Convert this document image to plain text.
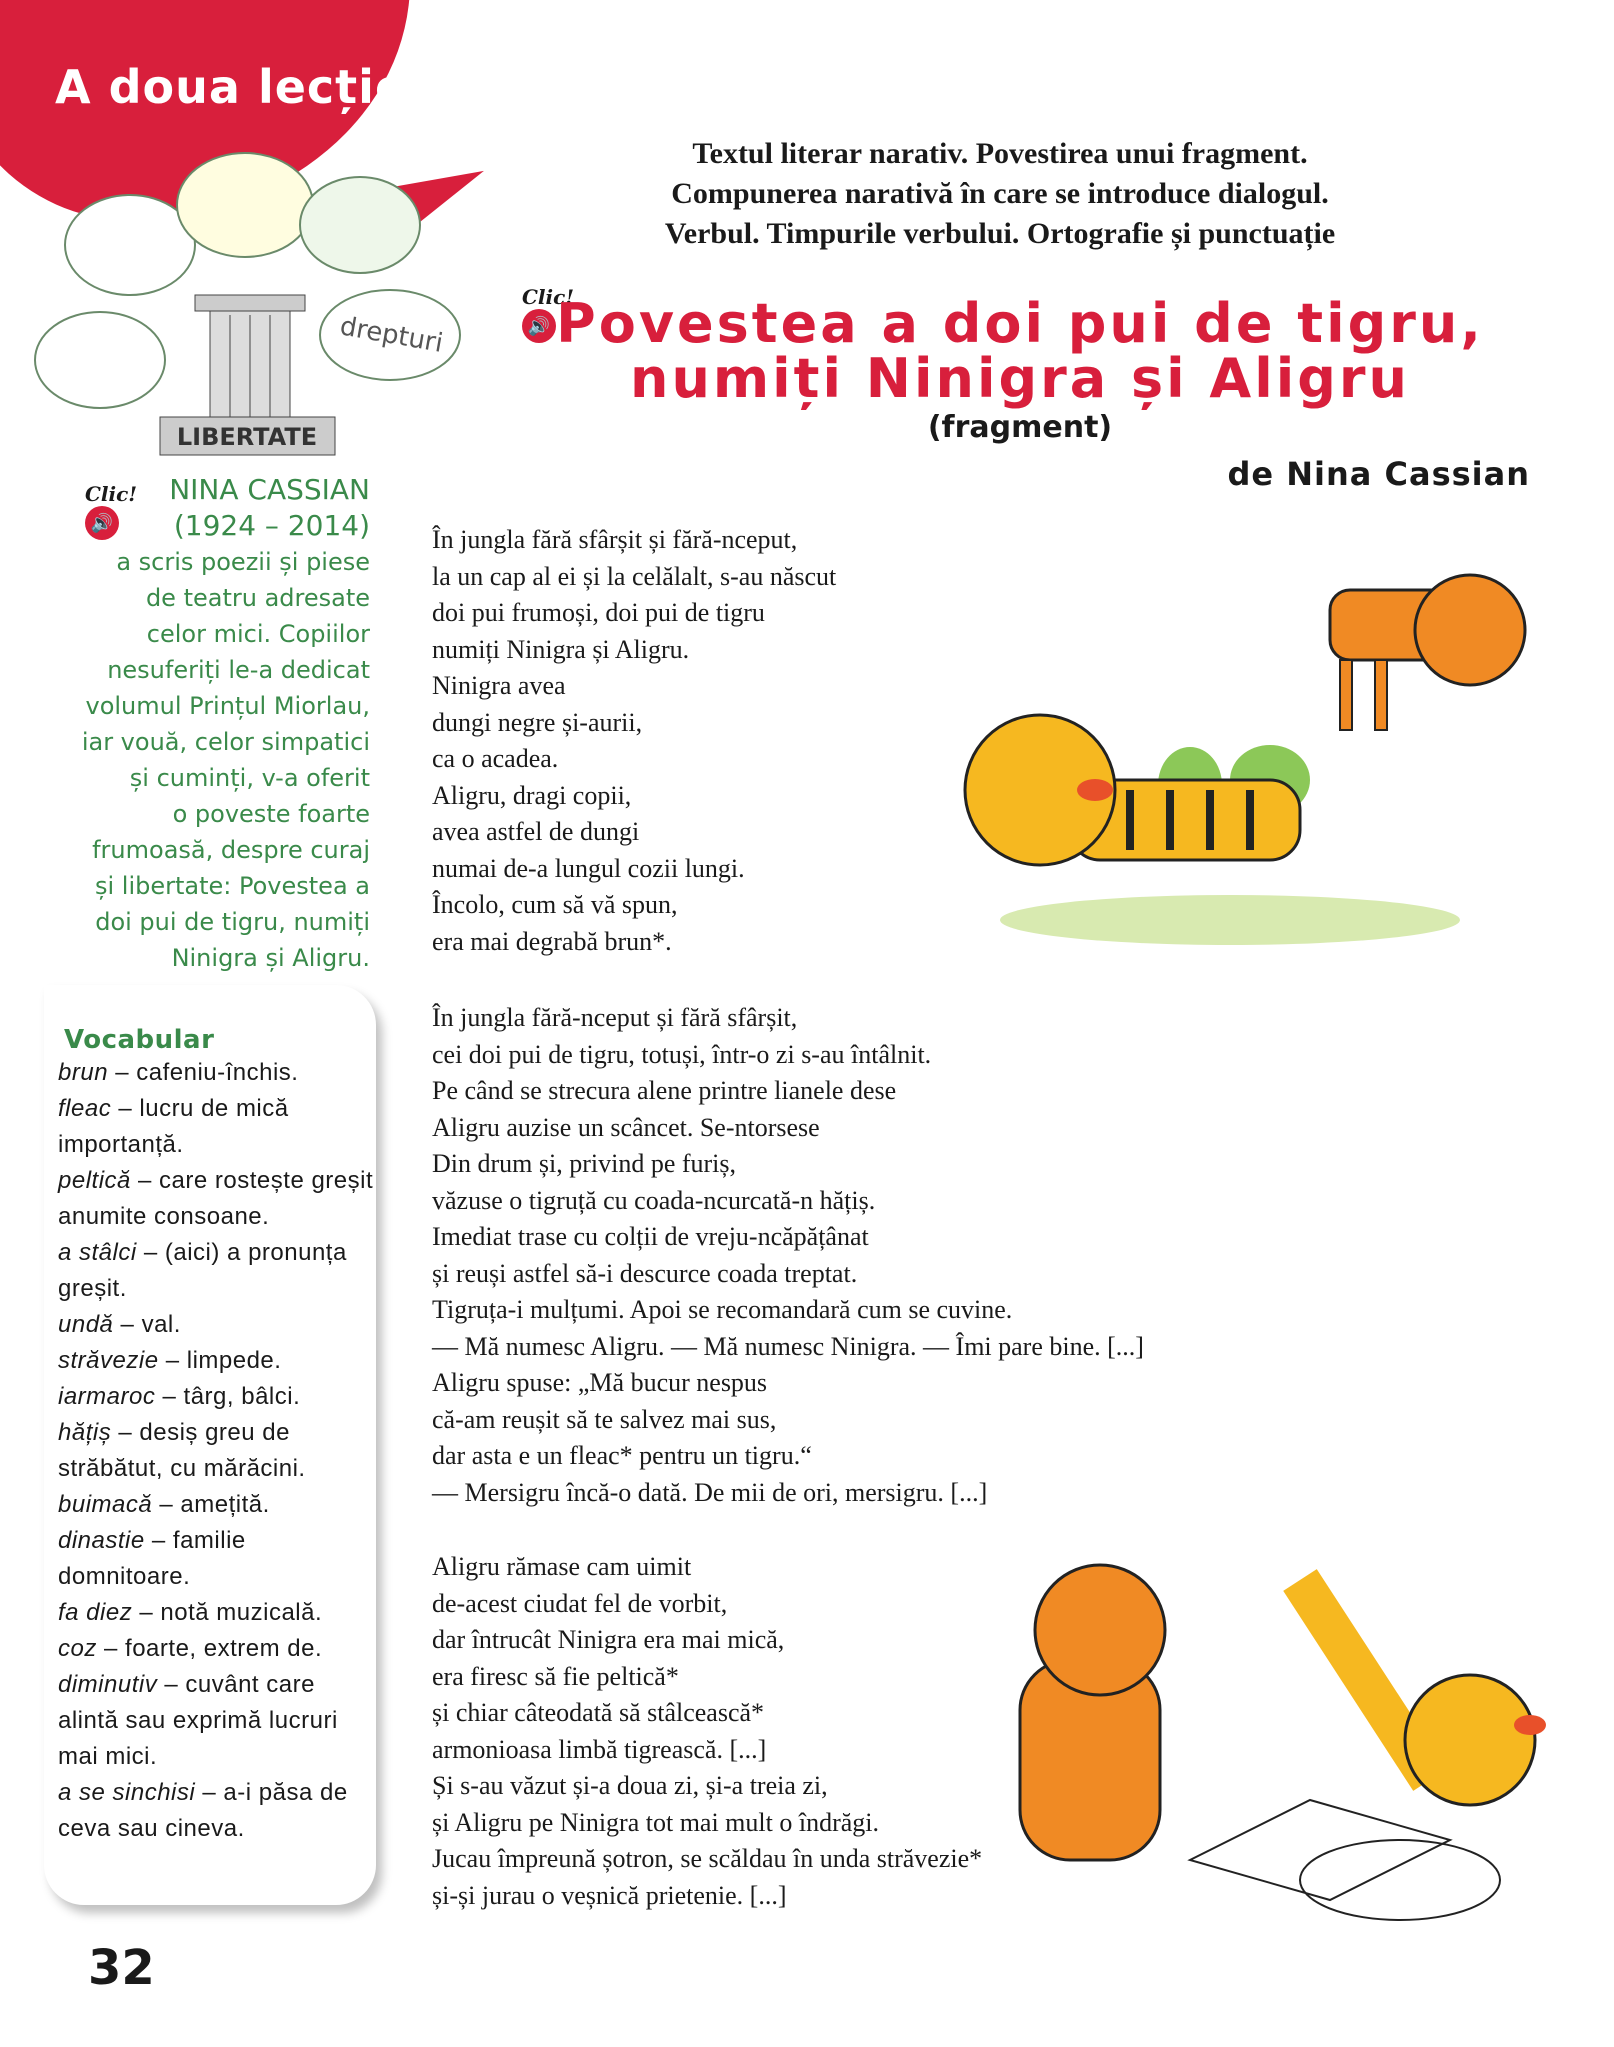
A doua lecție
LIBERTATE
drepturi
Textul literar narativ. Povestirea unui fragment.
Compunerea narativă în care se introduce dialogul.
Verbul. Timpurile verbului. Ortografie și punctuație
Clic!
🔊 Povestea a doi pui de tigru,
numiți Ninigra și Aligru
(fragment)
de Nina Cassian
Clic!
🔊
NINA CASSIAN
(1924 – 2014)
a scris poezii și piese
de teatru adresate
celor mici. Copiilor
nesuferiți le-a dedicat
volumul Prințul Miorlau,
iar vouă, celor simpatici
și cuminți, v-a oferit
o poveste foarte
frumoasă, despre curaj
și libertate: Povestea a
doi pui de tigru, numiți
Ninigra și Aligru.
Vocabular
brun – cafeniu-închis.
fleac – lucru de mică importanță.
peltică – care rostește greșit anumite consoane.
a stâlci – (aici) a pronunța greșit.
undă – val.
străvezie – limpede.
iarmaroc – târg, bâlci.
hățiș – desiș greu de străbătut, cu mărăcini.
buimacă – amețită.
dinastie – familie domnitoare.
fa diez – notă muzicală.
coz – foarte, extrem de.
diminutiv – cuvânt care alintă sau exprimă lucruri mai mici.
a se sinchisi – a-i păsa de ceva sau cineva.
În jungla fără sfârșit și fără-nceput,
la un cap al ei și la celălalt, s-au născut
doi pui frumoși, doi pui de tigru
numiți Ninigra și Aligru.
Ninigra avea
dungi negre și-aurii,
ca o acadea.
Aligru, dragi copii,
avea astfel de dungi
numai de-a lungul cozii lungi.
Încolo, cum să vă spun,
era mai degrabă brun*.
În jungla fără-nceput și fără sfârșit,
cei doi pui de tigru, totuși, într-o zi s-au întâlnit.
Pe când se strecura alene printre lianele dese
Aligru auzise un scâncet. Se-ntorsese
Din drum și, privind pe furiș,
văzuse o tigruță cu coada-ncurcată-n hățiș.
Imediat trase cu colții de vreju-ncăpățânat
și reuși astfel să-i descurce coada treptat.
Tigruța-i mulțumi. Apoi se recomandară cum se cuvine.
— Mă numesc Aligru. — Mă numesc Ninigra. — Îmi pare bine. [...]
Aligru spuse: „Mă bucur nespus
că-am reușit să te salvez mai sus,
dar asta e un fleac* pentru un tigru.“
— Mersigru încă-o dată. De mii de ori, mersigru. [...]
Aligru rămase cam uimit
de-acest ciudat fel de vorbit,
dar întrucât Ninigra era mai mică,
era firesc să fie peltică*
și chiar câteodată să stâlcească*
armonioasa limbă tigrească. [...]
Și s-au văzut și-a doua zi, și-a treia zi,
și Aligru pe Ninigra tot mai mult o îndrăgi.
Jucau împreună șotron, se scăldau în unda străvezie*
și-și jurau o veșnică prietenie. [...]
32
